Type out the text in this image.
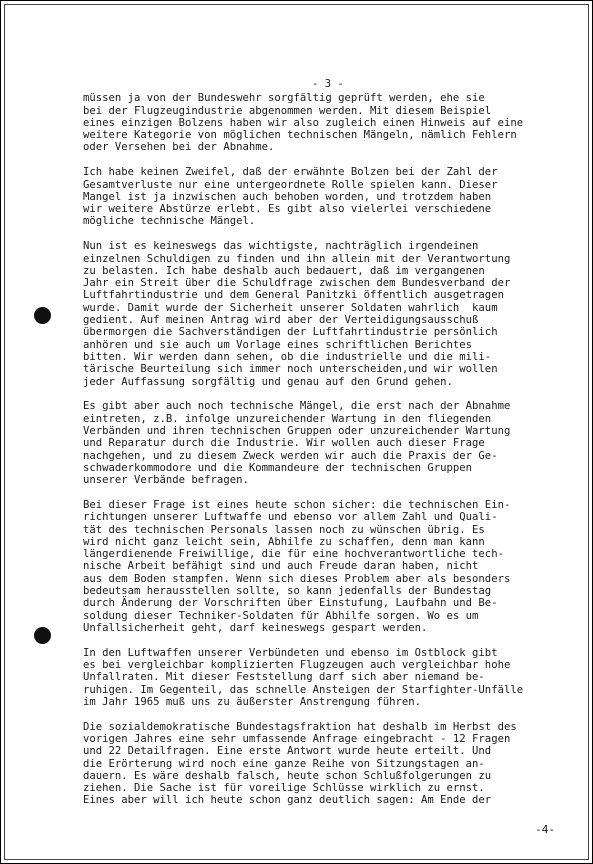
- 3 -
müssen ja von der Bundeswehr sorgfältig geprüft werden, ehe sie
bei der Flugzeugindustrie abgenommen werden. Mit diesem Beispiel
eines einzigen Bolzens haben wir also zugleich einen Hinweis auf eine
weitere Kategorie von möglichen technischen Mängeln, nämlich Fehlern
oder Versehen bei der Abnahme.
Ich habe keinen Zweifel, daß der erwähnte Bolzen bei der Zahl der
Gesamtverluste nur eine untergeordnete Rolle spielen kann. Dieser
Mangel ist ja inzwischen auch behoben worden, und trotzdem haben
wir weitere Abstürze erlebt. Es gibt also vielerlei verschiedene
mögliche technische Mängel.
Nun ist es keineswegs das wichtigste, nachträglich irgendeinen
einzelnen Schuldigen zu finden und ihn allein mit der Verantwortung
zu belasten. Ich habe deshalb auch bedauert, daß im vergangenen
Jahr ein Streit über die Schuldfrage zwischen dem Bundesverband der
Luftfahrtindustrie und dem General Panitzki öffentlich ausgetragen
wurde. Damit wurde der Sicherheit unserer Soldaten wahrlich  kaum
gedient. Auf meinen Antrag wird aber der Verteidigungsausschuß
übermorgen die Sachverständigen der Luftfahrtindustrie persönlich
anhören und sie auch um Vorlage eines schriftlichen Berichtes
bitten. Wir werden dann sehen, ob die industrielle und die mili-
tärische Beurteilung sich immer noch unterscheiden,und wir wollen
jeder Auffassung sorgfältig und genau auf den Grund gehen.
Es gibt aber auch noch technische Mängel, die erst nach der Abnahme
eintreten, z.B. infolge unzureichender Wartung in den fliegenden
Verbänden und ihren technischen Gruppen oder unzureichender Wartung
und Reparatur durch die Industrie. Wir wollen auch dieser Frage
nachgehen, und zu diesem Zweck werden wir auch die Praxis der Ge-
schwaderkommodore und die Kommandeure der technischen Gruppen
unserer Verbände befragen.
Bei dieser Frage ist eines heute schon sicher: die technischen Ein-
richtungen unserer Luftwaffe und ebenso vor allem Zahl und Quali-
tät des technischen Personals lassen noch zu wünschen übrig. Es
wird nicht ganz leicht sein, Abhilfe zu schaffen, denn man kann
längerdienende Freiwillige, die für eine hochverantwortliche tech-
nische Arbeit befähigt sind und auch Freude daran haben, nicht
aus dem Boden stampfen. Wenn sich dieses Problem aber als besonders
bedeutsam herausstellen sollte, so kann jedenfalls der Bundestag
durch Änderung der Vorschriften über Einstufung, Laufbahn und Be-
soldung dieser Techniker-Soldaten für Abhilfe sorgen. Wo es um
Unfallsicherheit geht, darf keineswegs gespart werden.
In den Luftwaffen unserer Verbündeten und ebenso im Ostblock gibt
es bei vergleichbar komplizierten Flugzeugen auch vergleichbar hohe
Unfallraten. Mit dieser Feststellung darf sich aber niemand be-
ruhigen. Im Gegenteil, das schnelle Ansteigen der Starfighter-Unfälle
im Jahr 1965 muß uns zu äußerster Anstrengung führen.
Die sozialdemokratische Bundestagsfraktion hat deshalb im Herbst des
vorigen Jahres eine sehr umfassende Anfrage eingebracht - 12 Fragen
und 22 Detailfragen. Eine erste Antwort wurde heute erteilt. Und
die Erörterung wird noch eine ganze Reihe von Sitzungstagen an-
dauern. Es wäre deshalb falsch, heute schon Schlußfolgerungen zu
ziehen. Die Sache ist für voreilige Schlüsse wirklich zu ernst.
Eines aber will ich heute schon ganz deutlich sagen: Am Ende der
-4-
